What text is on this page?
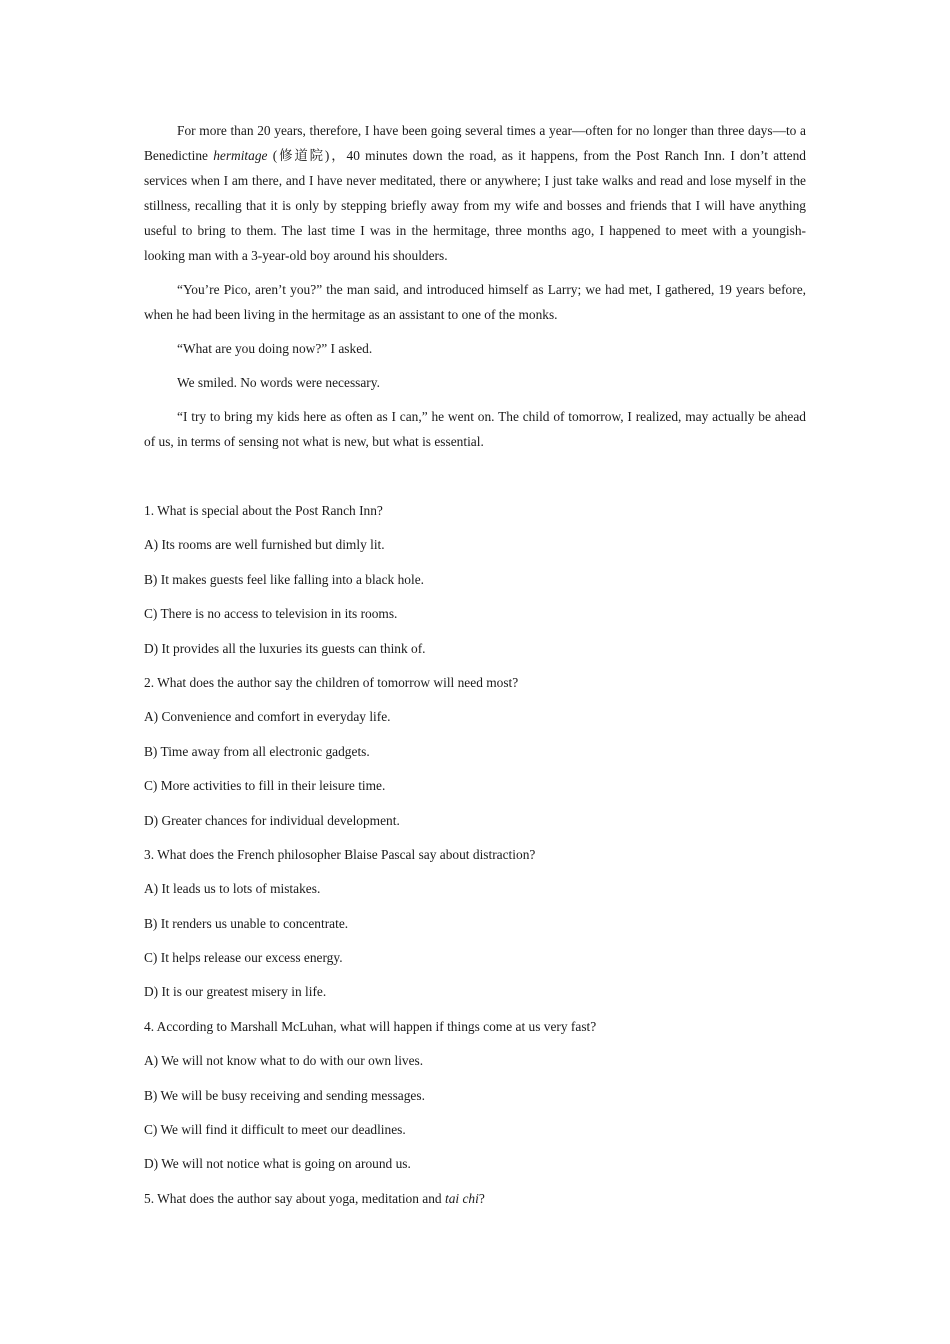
For more than 20 years, therefore, I have been going several times a year—often for no longer than three days—to a Benedictine hermitage (修道院)，40 minutes down the road, as it happens, from the Post Ranch Inn. I don’t attend services when I am there, and I have never meditated, there or anywhere; I just take walks and read and lose myself in the stillness, recalling that it is only by stepping briefly away from my wife and bosses and friends that I will have anything useful to bring to them. The last time I was in the hermitage, three months ago, I happened to meet with a youngish-looking man with a 3-year-old boy around his shoulders.

“You’re Pico, aren’t you?” the man said, and introduced himself as Larry; we had met, I gathered, 19 years before, when he had been living in the hermitage as an assistant to one of the monks.

“What are you doing now?” I asked.

We smiled. No words were necessary.

“I try to bring my kids here as often as I can,” he went on. The child of tomorrow, I realized, may actually be ahead of us, in terms of sensing not what is new, but what is essential.

1. What is special about the Post Ranch Inn?

A) Its rooms are well furnished but dimly lit.

B) It makes guests feel like falling into a black hole.

C) There is no access to television in its rooms.

D) It provides all the luxuries its guests can think of.

2. What does the author say the children of tomorrow will need most?

A) Convenience and comfort in everyday life.

B) Time away from all electronic gadgets.

C) More activities to fill in their leisure time.

D) Greater chances for individual development.

3. What does the French philosopher Blaise Pascal say about distraction?

A) It leads us to lots of mistakes.

B) It renders us unable to concentrate.

C) It helps release our excess energy.

D) It is our greatest misery in life.

4. According to Marshall McLuhan, what will happen if things come at us very fast?

A) We will not know what to do with our own lives.

B) We will be busy receiving and sending messages.

C) We will find it difficult to meet our deadlines.

D) We will not notice what is going on around us.

5. What does the author say about yoga, meditation and tai chi?
